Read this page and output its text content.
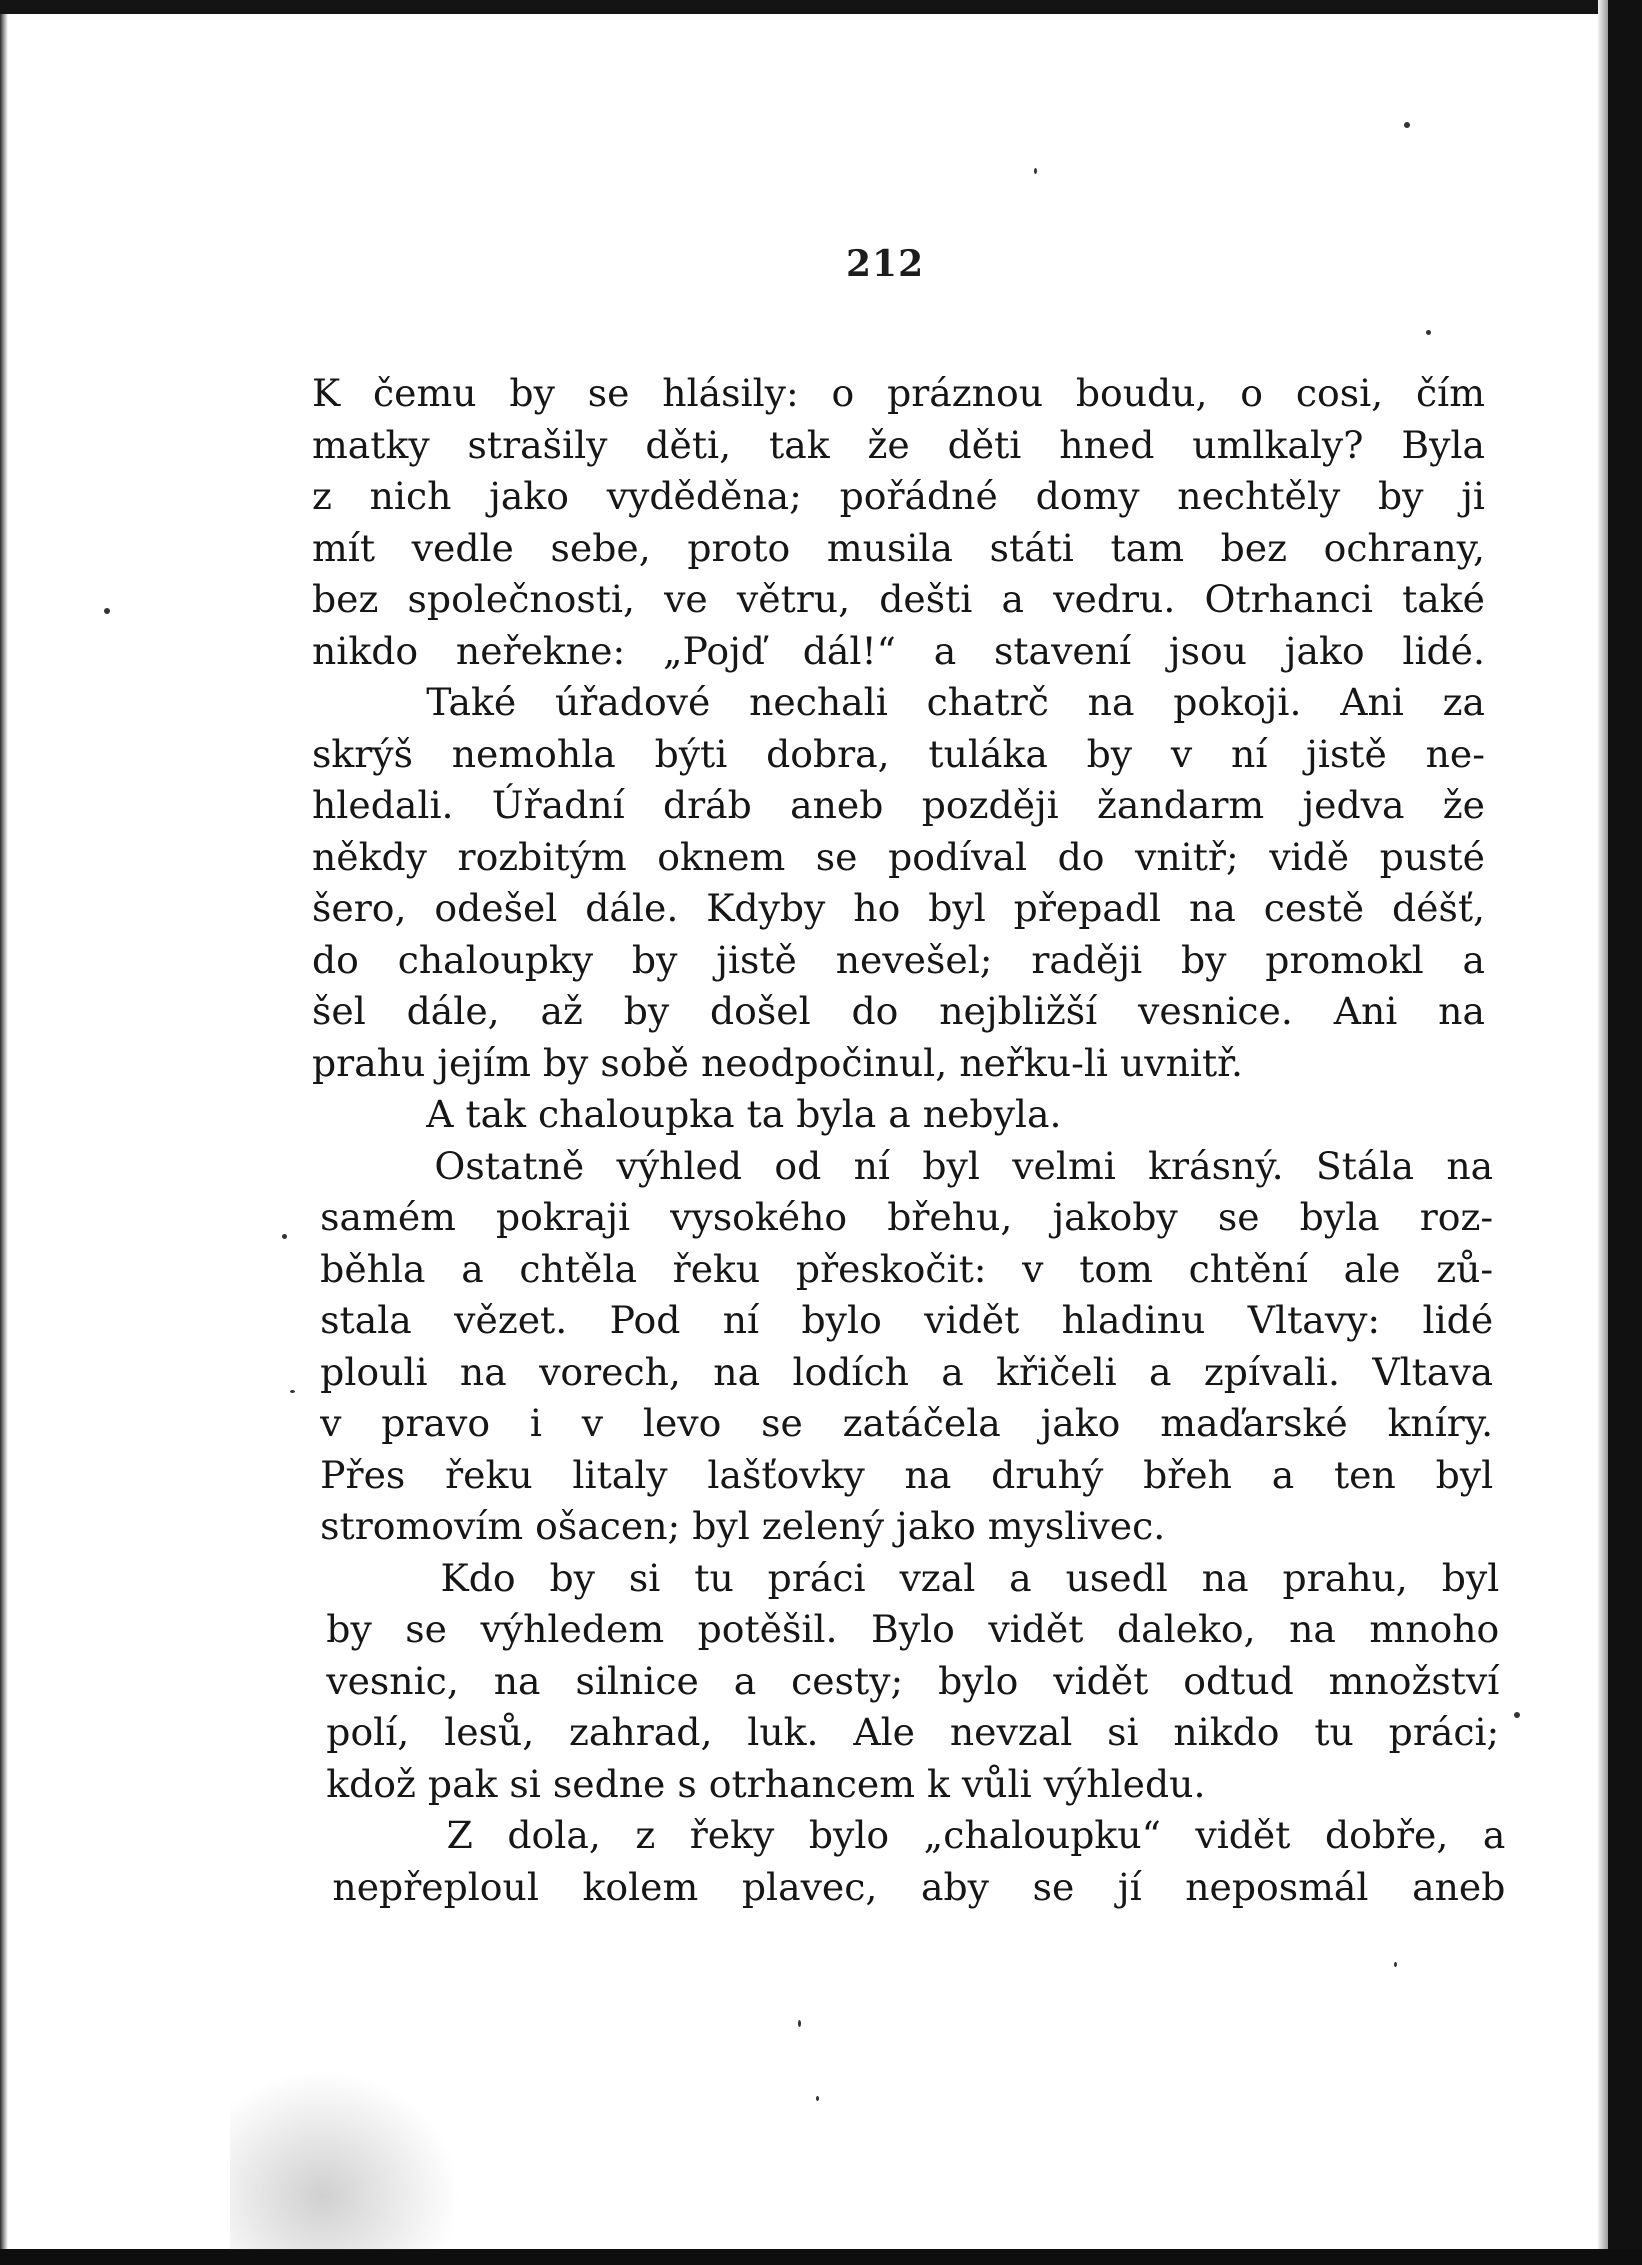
212
K čemu by se hlásily: o práznou boudu, o cosi, čím
matky strašily děti, tak že děti hned umlkaly? Byla
z nich jako vyděděna; pořádné domy nechtěly by ji
mít vedle sebe, proto musila státi tam bez ochrany,
bez společnosti, ve větru, dešti a vedru. Otrhanci také
nikdo neřekne: „Pojď dál!“ a stavení jsou jako lidé.
Také úřadové nechali chatrč na pokoji. Ani za
skrýš nemohla býti dobra, tuláka by v ní jistě ne-
hledali. Úřadní dráb aneb později žandarm jedva že
někdy rozbitým oknem se podíval do vnitř; vidě pusté
šero, odešel dále. Kdyby ho byl přepadl na cestě déšť,
do chaloupky by jistě nevešel; raději by promokl a
šel dále, až by došel do nejbližší vesnice. Ani na
prahu jejím by sobě neodpočinul, neřku-li uvnitř.
A tak chaloupka ta byla a nebyla.
Ostatně výhled od ní byl velmi krásný. Stála na
samém pokraji vysokého břehu, jakoby se byla roz-
běhla a chtěla řeku přeskočit: v tom chtění ale zů-
stala vězet. Pod ní bylo vidět hladinu Vltavy: lidé
plouli na vorech, na lodích a křičeli a zpívali. Vltava
v pravo i v levo se zatáčela jako maďarské kníry.
Přes řeku litaly lašťovky na druhý břeh a ten byl
stromovím ošacen; byl zelený jako myslivec.
Kdo by si tu práci vzal a usedl na prahu, byl
by se výhledem potěšil. Bylo vidět daleko, na mnoho
vesnic, na silnice a cesty; bylo vidět odtud množství
polí, lesů, zahrad, luk. Ale nevzal si nikdo tu práci;
kdož pak si sedne s otrhancem k vůli výhledu.
Z dola, z řeky bylo „chaloupku“ vidět dobře, a
nepřeploul kolem plavec, aby se jí neposmál aneb
